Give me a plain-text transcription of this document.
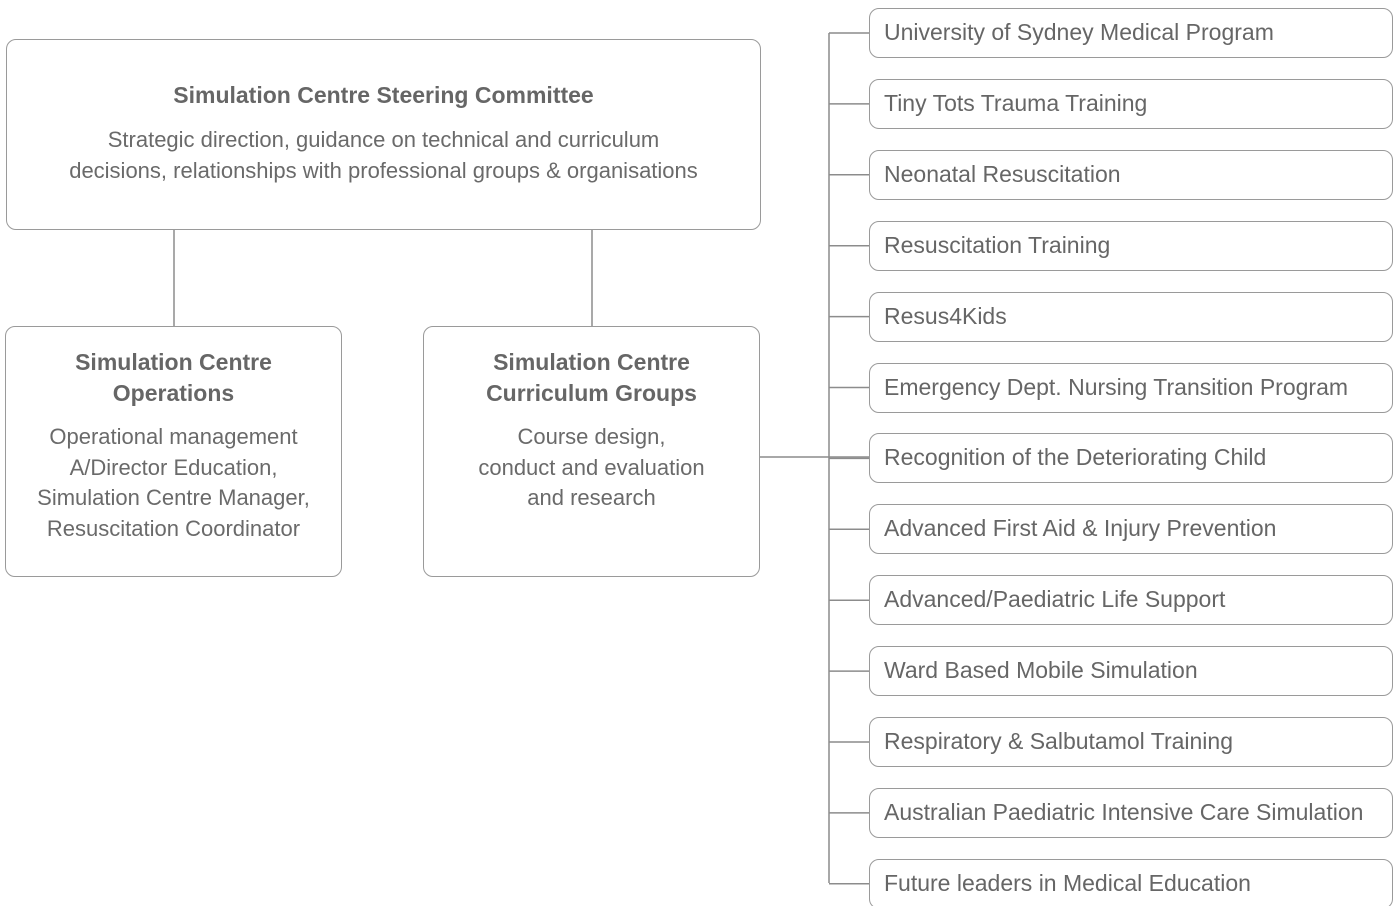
Simulation Centre Steering Committee
Strategic direction, guidance on technical and curriculum
decisions, relationships with professional groups & organisations
Simulation Centre
Operations
Operational management
A/Director Education,
Simulation Centre Manager,
Resuscitation Coordinator
Simulation Centre
Curriculum Groups
Course design,
conduct and evaluation
and research
University of Sydney Medical Program
Tiny Tots Trauma Training
Neonatal Resuscitation
Resuscitation Training
Resus4Kids
Emergency Dept. Nursing Transition Program
Recognition of the Deteriorating Child
Advanced First Aid & Injury Prevention
Advanced/Paediatric Life Support
Ward Based Mobile Simulation
Respiratory & Salbutamol Training
Australian Paediatric Intensive Care Simulation
Future leaders in Medical Education
